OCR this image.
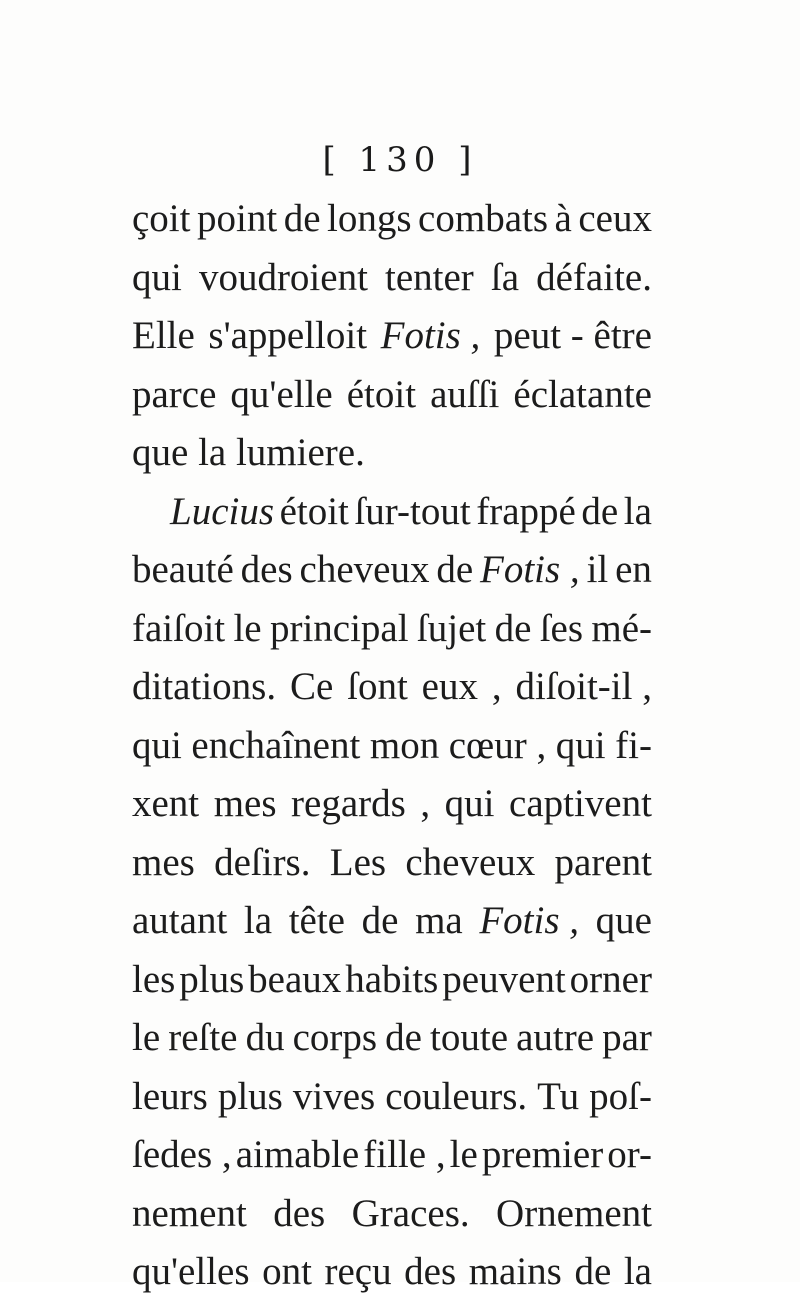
[ 130 ]
çoit point de longs combats à ceux
qui voudroient tenter ſa défaite.
Elle s'appelloit Fotis , peut - être
parce qu'elle étoit auſſi éclatante
que
la
lumiere.
Lucius étoit ſur-tout frappé de la
beauté des cheveux de Fotis , il en
faiſoit le principal ſujet de ſes mé-
ditations. Ce ſont eux , diſoit-il ,
qui enchaînent mon cœur , qui fi-
xent mes regards , qui captivent
mes deſirs. Les cheveux parent
autant la tête de ma Fotis , que
les plus beaux habits peuvent orner
le reſte du corps de toute autre par
leurs plus vives couleurs. Tu poſ-
ſedes , aimable fille , le premier or-
nement des Graces. Ornement
qu'elles ont reçu des mains de la
